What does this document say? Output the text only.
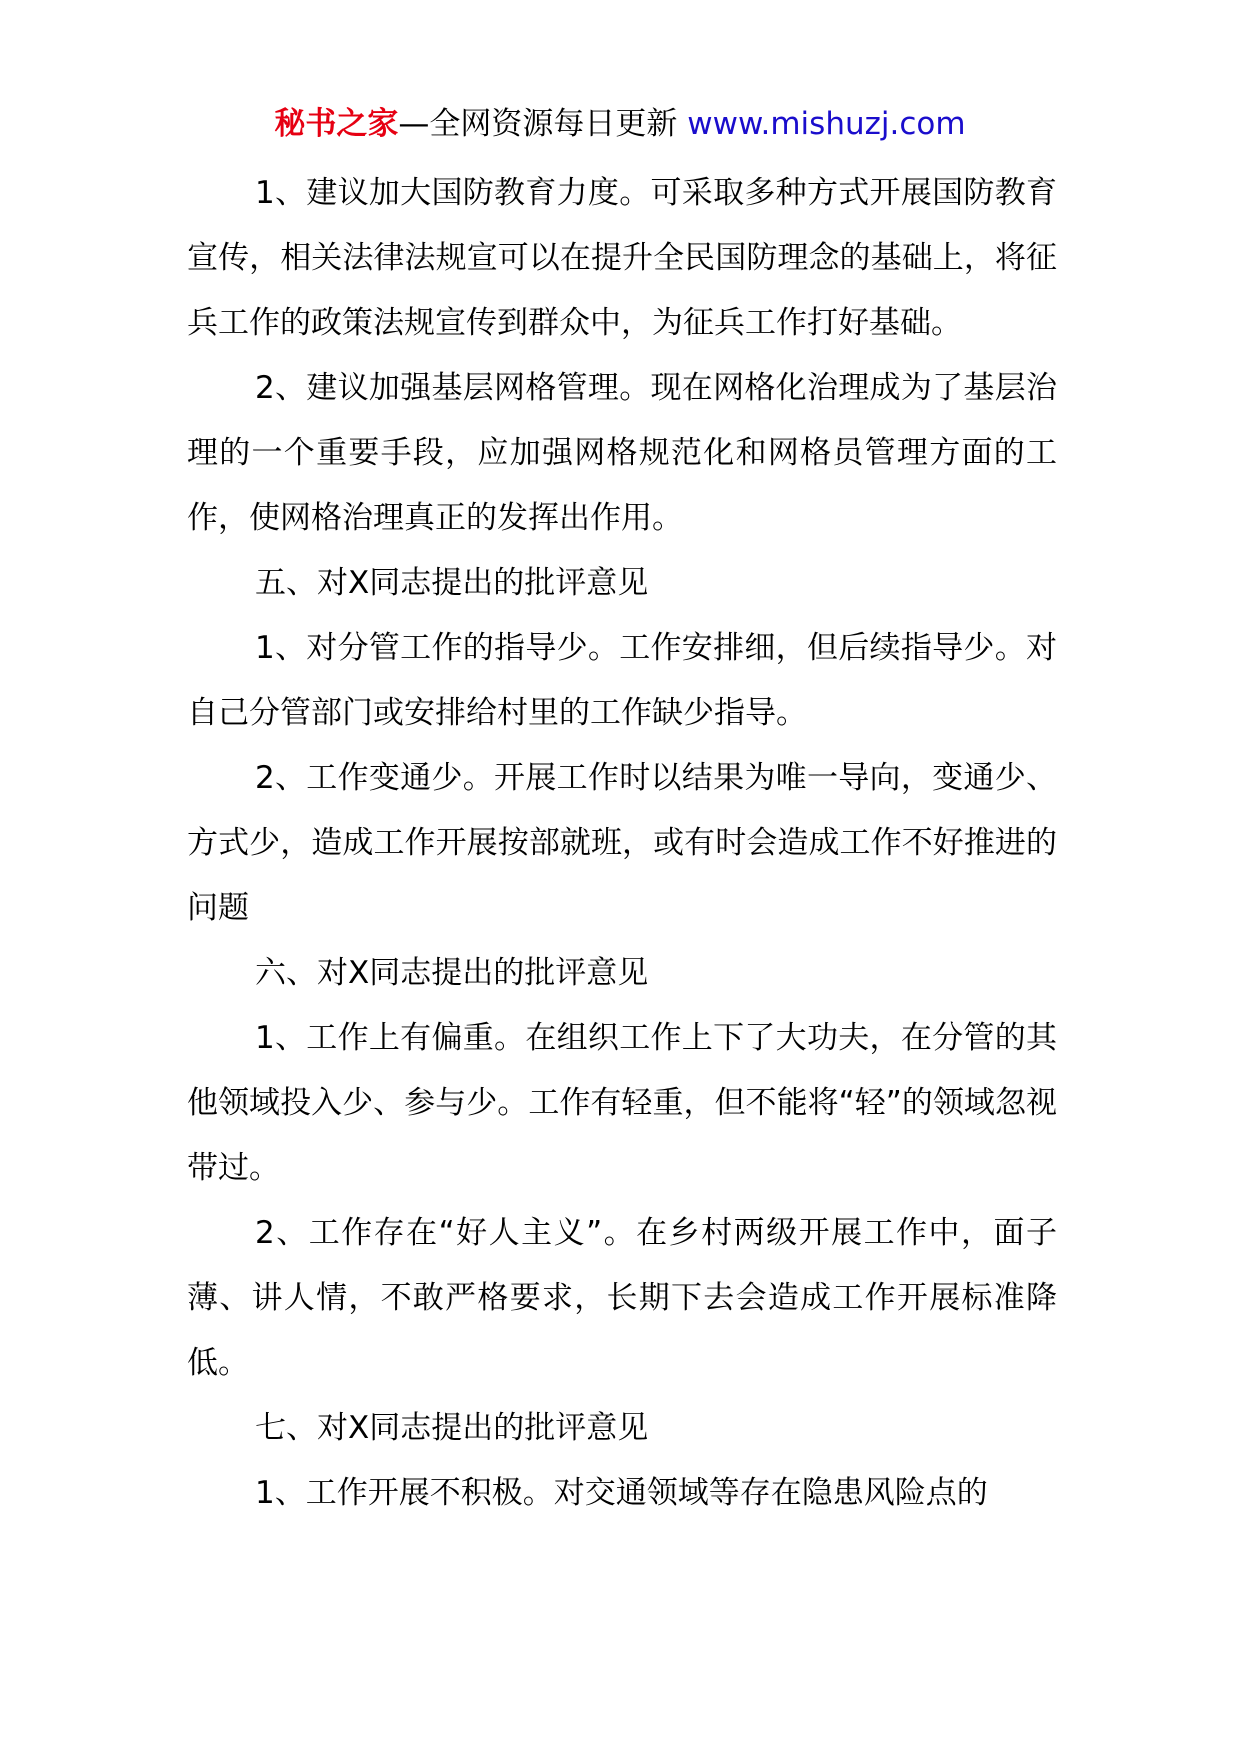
秘书之家—全网资源每日更新 www.mishuzj.com

1、建议加大国防教育力度。可采取多种方式开展国防教育宣传，相关法律法规宣可以在提升全民国防理念的基础上，将征兵工作的政策法规宣传到群众中，为征兵工作打好基础。

2、建议加强基层网格管理。现在网格化治理成为了基层治理的一个重要手段，应加强网格规范化和网格员管理方面的工作，使网格治理真正的发挥出作用。

五、对X同志提出的批评意见

1、对分管工作的指导少。工作安排细，但后续指导少。对自己分管部门或安排给村里的工作缺少指导。

2、工作变通少。开展工作时以结果为唯一导向，变通少、方式少，造成工作开展按部就班，或有时会造成工作不好推进的问题

六、对X同志提出的批评意见

1、工作上有偏重。在组织工作上下了大功夫，在分管的其他领域投入少、参与少。工作有轻重，但不能将“轻”的领域忽视带过。

2、工作存在“好人主义”。在乡村两级开展工作中，面子薄、讲人情，不敢严格要求，长期下去会造成工作开展标准降低。

七、对X同志提出的批评意见

1、工作开展不积极。对交通领域等存在隐患风险点的
